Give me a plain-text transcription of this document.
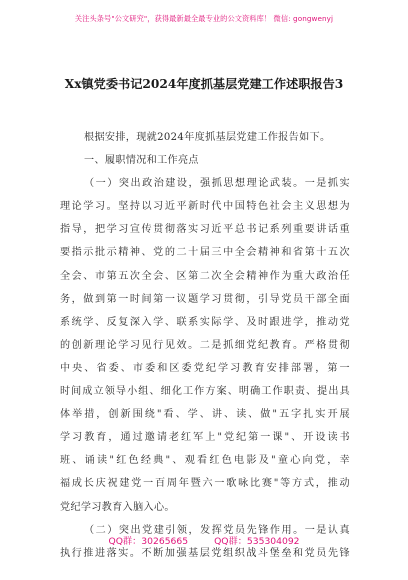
关注头条号"公文研究"，获得最新最全最专业的公文资料库！ 微信: gongwenyj
Xx镇党委书记2024年度抓基层党建工作述职报告3
根据安排，现就2024年度抓基层党建工作报告如下。
一、履职情况和工作亮点
（一）突出政治建设，强抓思想理论武装。一是抓实
理论学习。坚持以习近平新时代中国特色社会主义思想为
指导，把学习宣传贯彻落实习近平总书记系列重要讲话重
要指示批示精神、党的二十届三中全会精神和省第十五次
全会、市第五次全会、区第二次全会精神作为重大政治任
务，做到第一时间第一议题学习贯彻，引导党员干部全面
系统学、反复深入学、联系实际学、及时跟进学，推动党
的创新理论学习见行见效。二是抓细党纪教育。严格贯彻
中央、省委、市委和区委党纪学习教育安排部署，第一
时间成立领导小组、细化工作方案、明确工作职责、提出具
体举措，创新围绕"看、学、讲、读、做"五字扎实开展
学习教育，通过邀请老红军上"党纪第一课"、开设读书
班、诵读"红色经典"、观看红色电影及"童心向党，幸
福成长庆祝建党一百周年暨六一歌咏比赛"等方式，推动
党纪学习教育入脑入心。
（二）突出党建引领，发挥党员先锋作用。一是认真
执行推进落实。不断加强基层党组织战斗堡垒和党员先锋
QQ群：30265665	QQ群：535304092
